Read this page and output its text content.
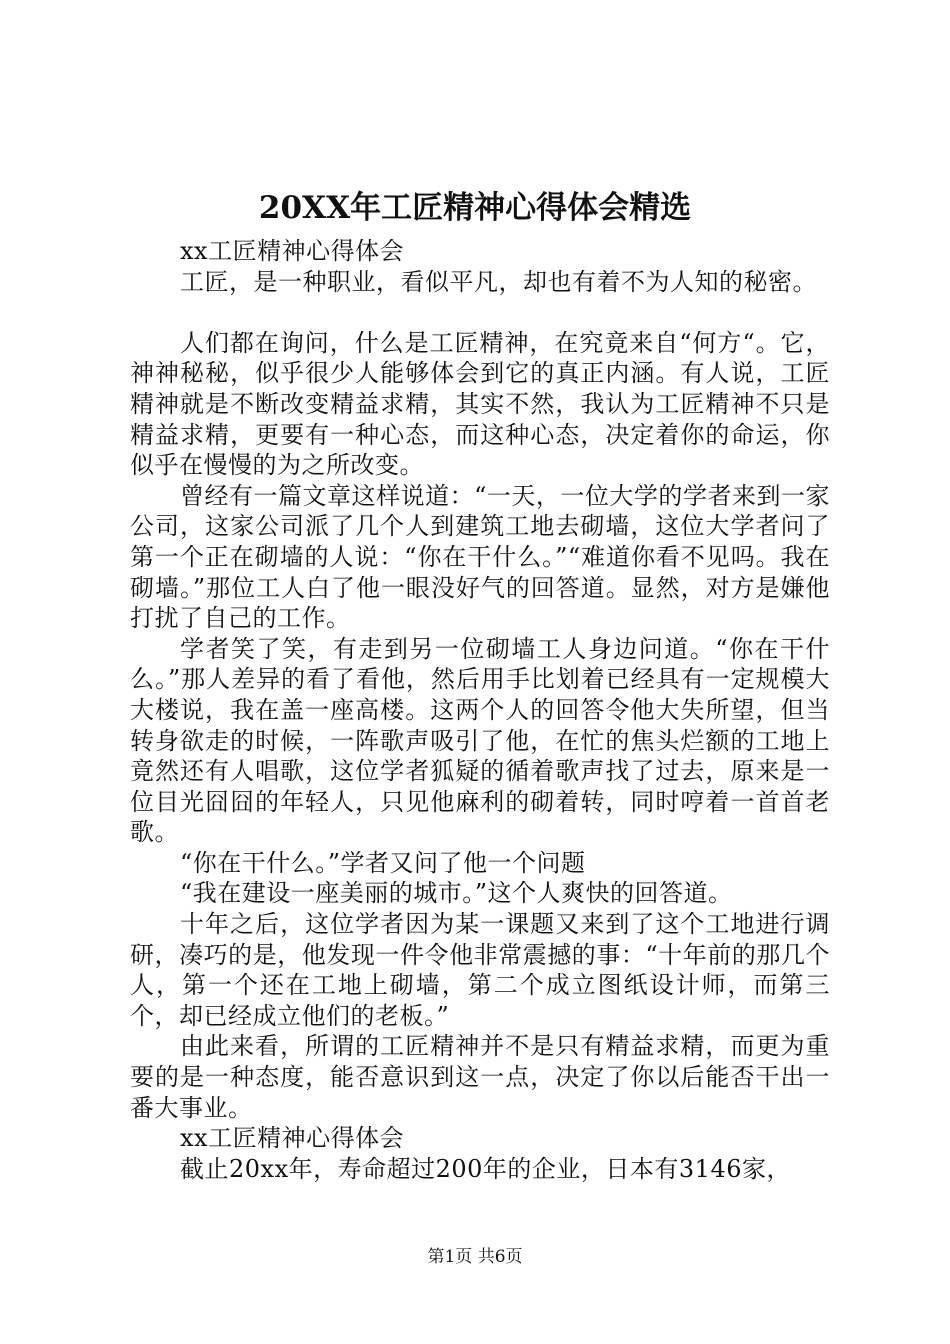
20XX年工匠精神心得体会精选

xx工匠精神心得体会

工匠，是一种职业，看似平凡，却也有着不为人知的秘密。

人们都在询问，什么是工匠精神，在究竟来自“何方“。它，神神秘秘，似乎很少人能够体会到它的真正内涵。有人说，工匠精神就是不断改变精益求精，其实不然，我认为工匠精神不只是精益求精，更要有一种心态，而这种心态，决定着你的命运，你似乎在慢慢的为之所改变。

曾经有一篇文章这样说道：“一天，一位大学的学者来到一家公司，这家公司派了几个人到建筑工地去砌墙，这位大学者问了第一个正在砌墙的人说：“你在干什么。”“难道你看不见吗。我在砌墙。”那位工人白了他一眼没好气的回答道。显然，对方是嫌他打扰了自己的工作。

学者笑了笑，有走到另一位砌墙工人身边问道。“你在干什么。”那人差异的看了看他，然后用手比划着已经具有一定规模大大楼说，我在盖一座高楼。这两个人的回答令他大失所望，但当转身欲走的时候，一阵歌声吸引了他，在忙的焦头烂额的工地上竟然还有人唱歌，这位学者狐疑的循着歌声找了过去，原来是一位目光囧囧的年轻人，只见他麻利的砌着转，同时哼着一首首老歌。

“你在干什么。”学者又问了他一个问题

“我在建设一座美丽的城市。”这个人爽快的回答道。

十年之后，这位学者因为某一课题又来到了这个工地进行调研，凑巧的是，他发现一件令他非常震撼的事：“十年前的那几个人，第一个还在工地上砌墙，第二个成立图纸设计师，而第三个，却已经成立他们的老板。”

由此来看，所谓的工匠精神并不是只有精益求精，而更为重要的是一种态度，能否意识到这一点，决定了你以后能否干出一番大事业。

xx工匠精神心得体会

截止20xx年，寿命超过200年的企业，日本有3146家，

第1页 共6页
